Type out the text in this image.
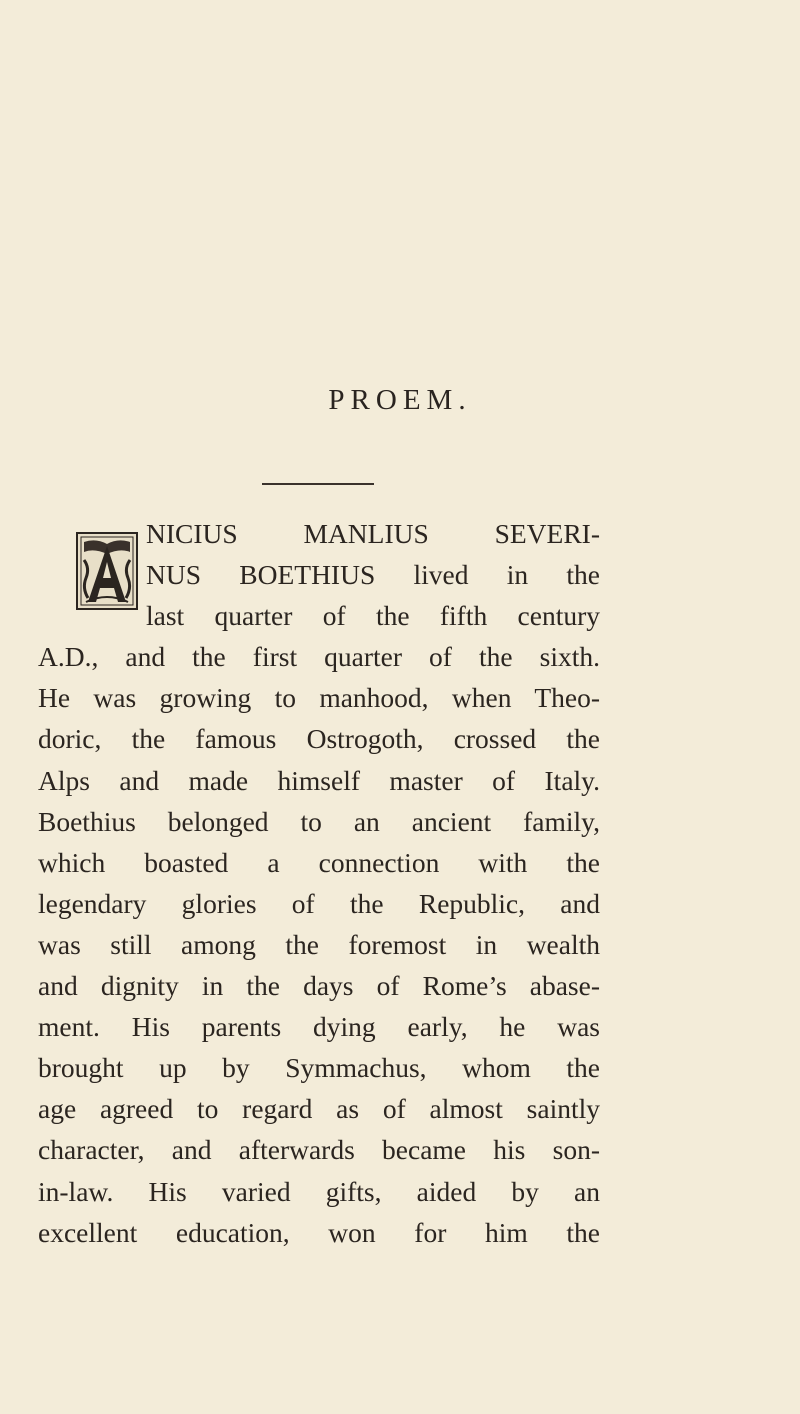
PROEM.
NICIUS MANLIUS SEVERI-
NUS BOETHIUS lived in the
last quarter of the fifth century
A.D., and the first quarter of the sixth.
He was growing to manhood, when Theo-
doric, the famous Ostrogoth, crossed the
Alps and made himself master of Italy.
Boethius belonged to an ancient family,
which boasted a connection with the
legendary glories of the Republic, and
was still among the foremost in wealth
and dignity in the days of Rome’s abase-
ment. His parents dying early, he was
brought up by Symmachus, whom the
age agreed to regard as of almost saintly
character, and afterwards became his son-
in-law. His varied gifts, aided by an
excellent education, won for him the
